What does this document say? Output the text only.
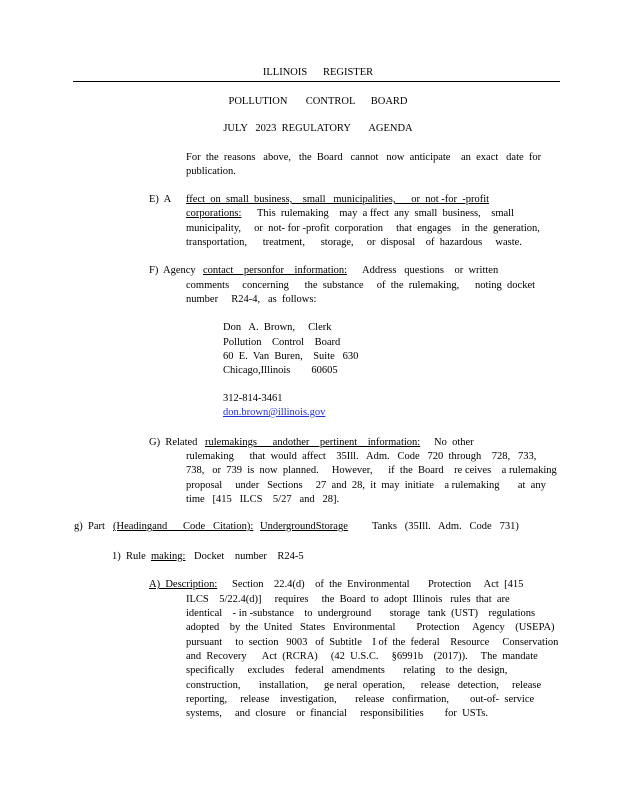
ILLINOIS      REGISTER
POLLUTION       CONTROL      BOARD
JULY   2023  REGULATORY       AGENDA
For  the  reasons   above,   the  Board   cannot   now  anticipate    an  exact   date  for
publication.
E)  A ffect  on  small  business,    small   municipalities,      or  not -for  -profit
corporations: This  rulemaking    may  a ffect  any  small  business,    small
municipality,     or  not- for -profit  corporation     that  engages    in  the  generation,
transportation,      treatment,      storage,     or  disposal    of  hazardous     waste.
F)  Agency contact    personfor    information: Address   questions    or  written
comments     concerning      the  substance     of  the  rulemaking,      noting  docket
number     R24-4,   as  follows:
Don   A.  Brown,     Clerk
Pollution    Control    Board
60  E.  Van  Buren,    Suite   630
Chicago,Illinois        60605
312-814-3461
don.brown@illinois.gov
G)  Related rulemakings      andother    pertinent    information: No  other
rulemaking      that  would  affect    35Ill.   Adm.   Code   720  through    728,   733,
738,   or  739  is  now  planned.     However,      if  the  Board    re ceives    a rulemaking
proposal     under   Sections     27  and  28,  it  may  initiate    a rulemaking       at  any
time   [415   ILCS    5/27   and   28].
g)  Part (Headingand      Code   Citation): UndergroundStorage Tanks   (35Ill.   Adm.   Code   731)
1)  Rule making: Docket    number    R24-5
A)  Description: Section    22.4(d)    of  the  Environmental       Protection     Act  [415
ILCS    5/22.4(d)]     requires     the  Board  to  adopt  Illinois   rules  that  are
identical    - in -substance    to  underground       storage   tank  (UST)    regulations
adopted    by  the  United   States   Environmental        Protection     Agency    (USEPA)
pursuant     to  section   9003   of  Subtitle    I of  the  federal    Resource     Conservation
and  Recovery      Act  (RCRA)     (42  U.S.C.     §6991b    (2017)).     The  mandate
specifically     excludes    federal   amendments       relating    to  the  design,
construction,       installation,      ge neral  operation,      release   detection,     release
reporting,     release    investigation,       release   confirmation,        out-of-  service
systems,     and  closure    or  financial     responsibilities        for  USTs.
